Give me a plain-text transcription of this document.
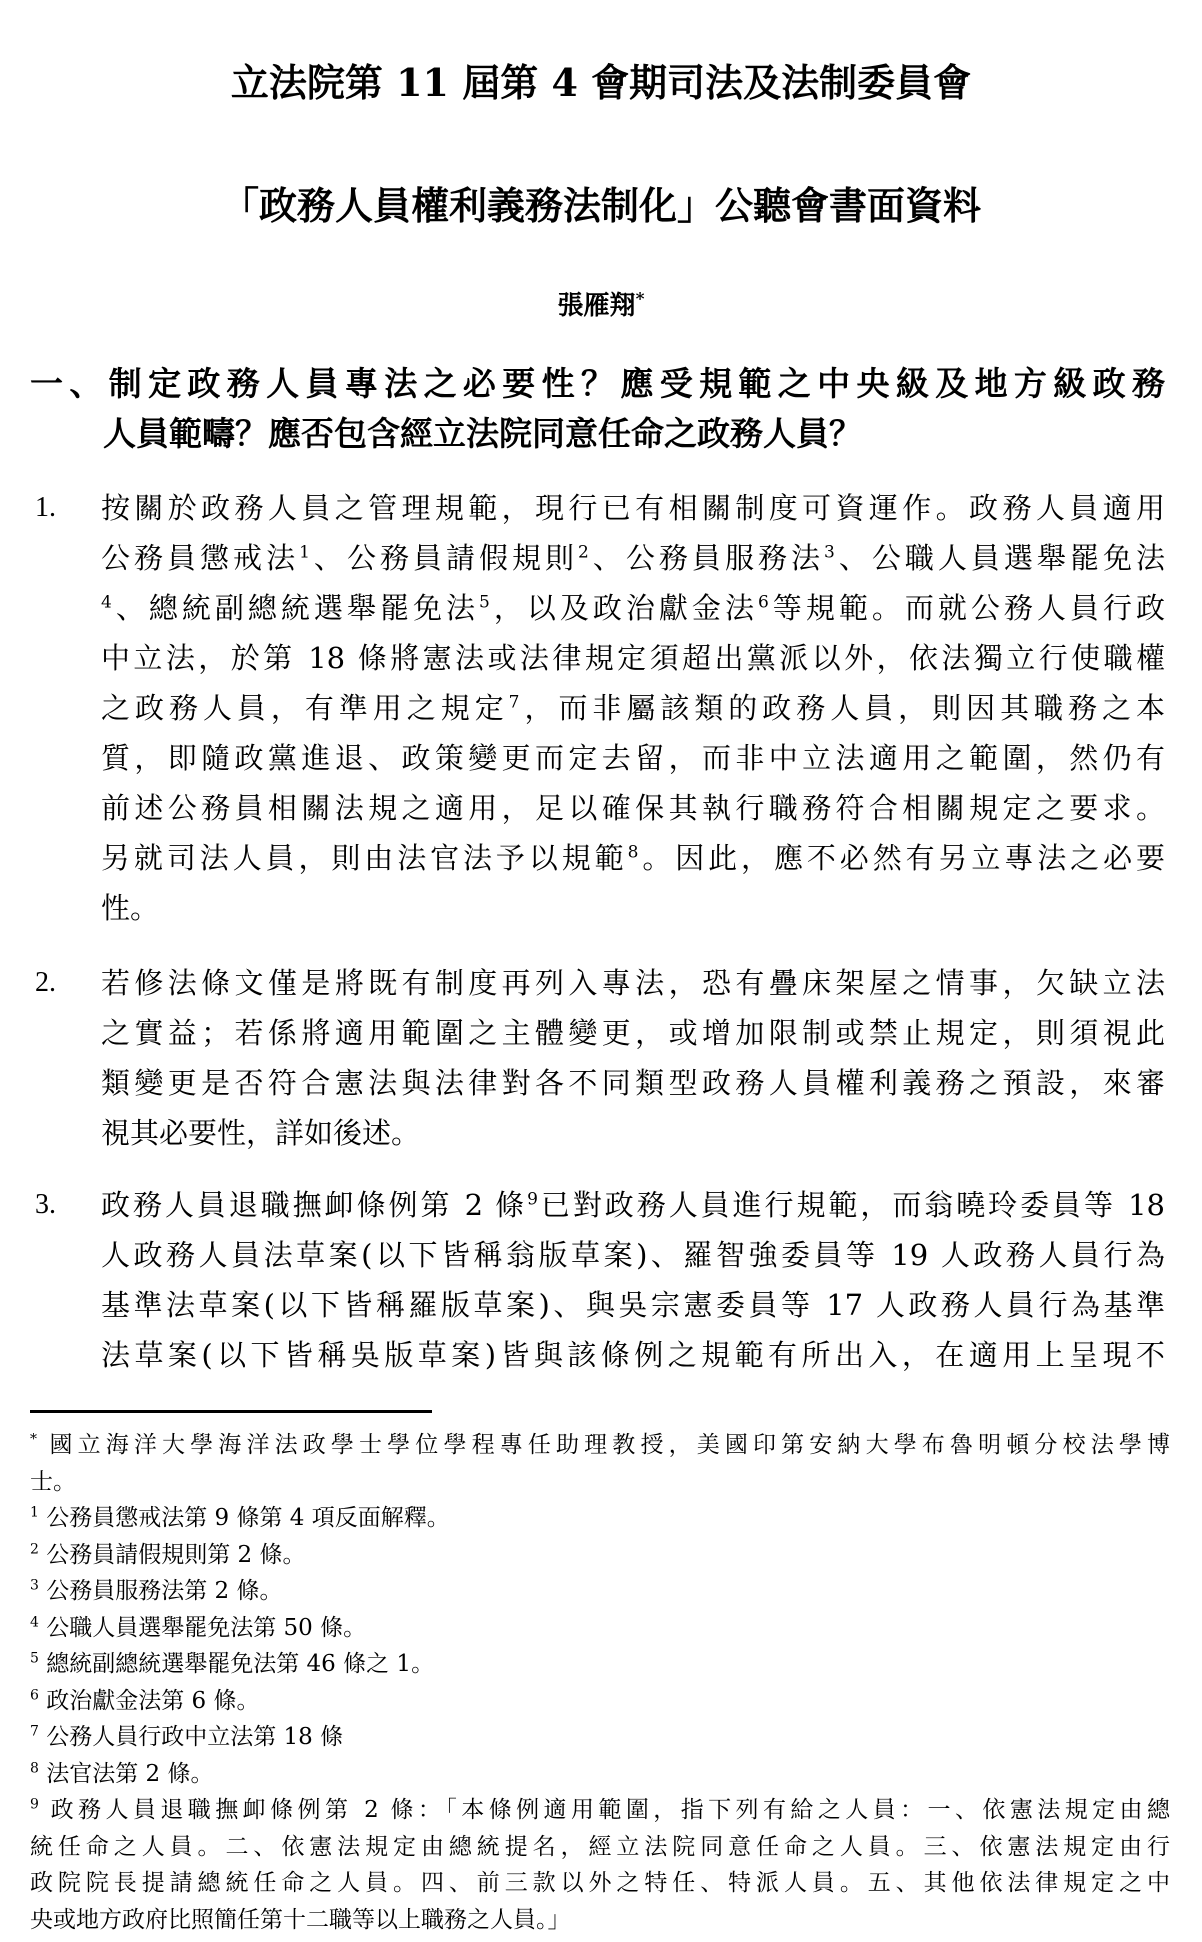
立法院第 11 屆第 4 會期司法及法制委員會
「政務人員權利義務法制化」公聽會書面資料
張雁翔*
一、制定政務人員專法之必要性？應受規範之中央級及地方級政務
人員範疇？應否包含經立法院同意任命之政務人員？
1. 按關於政務人員之管理規範，現行已有相關制度可資運作。政務人員適用
公務員懲戒法$^1$、公務員請假規則$^2$、公務員服務法$^3$、公職人員選舉罷免法
$^4$、總統副總統選舉罷免法$^5$，以及政治獻金法$^6$等規範。而就公務人員行政
中立法，於第 18 條將憲法或法律規定須超出黨派以外，依法獨立行使職權
之政務人員，有準用之規定$^7$，而非屬該類的政務人員，則因其職務之本
質，即隨政黨進退、政策變更而定去留，而非中立法適用之範圍，然仍有
前述公務員相關法規之適用，足以確保其執行職務符合相關規定之要求。
另就司法人員，則由法官法予以規範$^8$。因此，應不必然有另立專法之必要
性。
2. 若修法條文僅是將既有制度再列入專法，恐有疊床架屋之情事，欠缺立法
之實益；若係將適用範圍之主體變更，或增加限制或禁止規定，則須視此
類變更是否符合憲法與法律對各不同類型政務人員權利義務之預設，來審
視其必要性，詳如後述。
3. 政務人員退職撫卹條例第 2 條$^9$已對政務人員進行規範，而翁曉玲委員等 18
人政務人員法草案(以下皆稱翁版草案)、羅智強委員等 19 人政務人員行為
基準法草案(以下皆稱羅版草案)、與吳宗憲委員等 17 人政務人員行為基準
法草案(以下皆稱吳版草案)皆與該條例之規範有所出入，在適用上呈現不
* 國立海洋大學海洋法政學士學位學程專任助理教授，美國印第安納大學布魯明頓分校法學博
士。
$^1$ 公務員懲戒法第 9 條第 4 項反面解釋。
$^2$ 公務員請假規則第 2 條。
$^3$ 公務員服務法第 2 條。
$^4$ 公職人員選舉罷免法第 50 條。
$^5$ 總統副總統選舉罷免法第 46 條之 1。
$^6$ 政治獻金法第 6 條。
$^7$ 公務人員行政中立法第 18 條
$^8$ 法官法第 2 條。
$^9$ 政務人員退職撫卹條例第 2 條：「本條例適用範圍，指下列有給之人員：一、依憲法規定由總
統任命之人員。二、依憲法規定由總統提名，經立法院同意任命之人員。三、依憲法規定由行
政院院長提請總統任命之人員。四、前三款以外之特任、特派人員。五、其他依法律規定之中
央或地方政府比照簡任第十二職等以上職務之人員。」
